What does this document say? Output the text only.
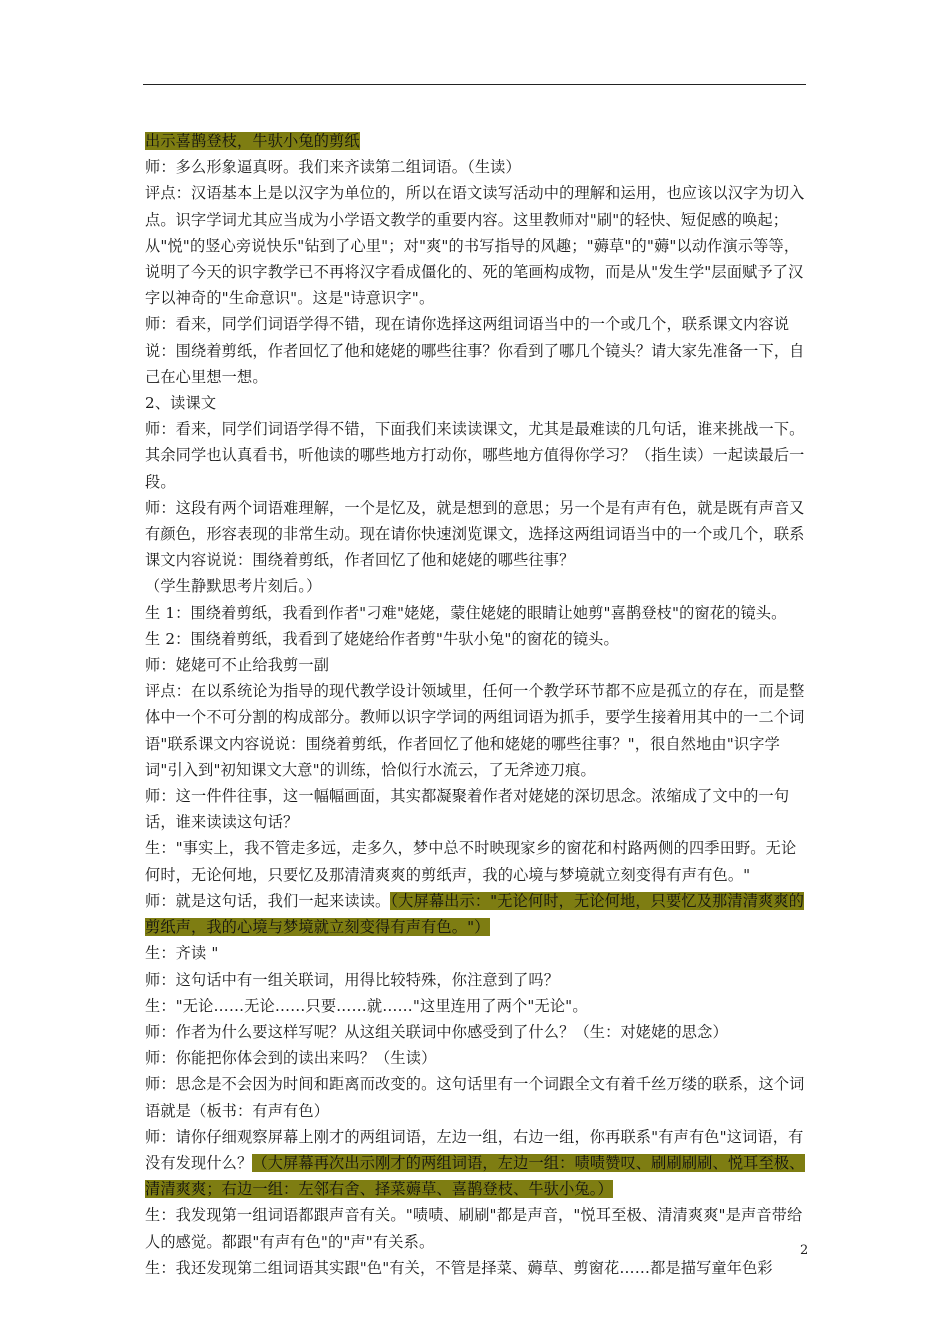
出示喜鹊登枝，牛驮小兔的剪纸

师：多么形象逼真呀。我们来齐读第二组词语。（生读）

评点：汉语基本上是以汉字为单位的，所以在语文读写活动中的理解和运用，也应该以汉字为切入点。识字学词尤其应当成为小学语文教学的重要内容。这里教师对"刷"的轻快、短促感的唤起；从"悦"的竖心旁说快乐"钻到了心里"；对"爽"的书写指导的风趣；"薅草"的"薅"以动作演示等等，说明了今天的识字教学已不再将汉字看成僵化的、死的笔画构成物，而是从"发生学"层面赋予了汉字以神奇的"生命意识"。这是"诗意识字"。

师：看来，同学们词语学得不错，现在请你选择这两组词语当中的一个或几个，联系课文内容说说：围绕着剪纸，作者回忆了他和姥姥的哪些往事？你看到了哪几个镜头？请大家先准备一下，自己在心里想一想。

2、读课文

师：看来，同学们词语学得不错，下面我们来读读课文，尤其是最难读的几句话，谁来挑战一下。其余同学也认真看书，听他读的哪些地方打动你，哪些地方值得你学习？（指生读）一起读最后一段。

师：这段有两个词语难理解，一个是忆及，就是想到的意思；另一个是有声有色，就是既有声音又有颜色，形容表现的非常生动。现在请你快速浏览课文，选择这两组词语当中的一个或几个，联系课文内容说说：围绕着剪纸，作者回忆了他和姥姥的哪些往事？

（学生静默思考片刻后。）

生 1：围绕着剪纸，我看到作者"刁难"姥姥，蒙住姥姥的眼睛让她剪"喜鹊登枝"的窗花的镜头。

生 2：围绕着剪纸，我看到了姥姥给作者剪"牛驮小兔"的窗花的镜头。

师：姥姥可不止给我剪一副

评点：在以系统论为指导的现代教学设计领域里，任何一个教学环节都不应是孤立的存在，而是整体中一个不可分割的构成部分。教师以识字学词的两组词语为抓手，要学生接着用其中的一二个词语"联系课文内容说说：围绕着剪纸，作者回忆了他和姥姥的哪些往事？"，很自然地由"识字学词"引入到"初知课文大意"的训练，恰似行水流云，了无斧迹刀痕。

师：这一件件往事，这一幅幅画面，其实都凝聚着作者对姥姥的深切思念。浓缩成了文中的一句话，谁来读读这句话？

生："事实上，我不管走多远，走多久，梦中总不时映现家乡的窗花和村路两侧的四季田野。无论何时，无论何地，只要忆及那清清爽爽的剪纸声，我的心境与梦境就立刻变得有声有色。"

师：就是这句话，我们一起来读读。（大屏幕出示："无论何时，无论何地，只要忆及那清清爽爽的剪纸声，我的心境与梦境就立刻变得有声有色。"）

生：齐读 "

师：这句话中有一组关联词，用得比较特殊，你注意到了吗？

生："无论……无论……只要……就……"这里连用了两个"无论"。

师：作者为什么要这样写呢？从这组关联词中你感受到了什么？（生：对姥姥的思念）

师：你能把你体会到的读出来吗？（生读）

师：思念是不会因为时间和距离而改变的。这句话里有一个词跟全文有着千丝万缕的联系，这个词语就是（板书：有声有色）

师：请你仔细观察屏幕上刚才的两组词语，左边一组，右边一组，你再联系"有声有色"这词语，有没有发现什么？（大屏幕再次出示刚才的两组词语，左边一组：啧啧赞叹、刷刷刷刷、悦耳至极、清清爽爽；右边一组：左邻右舍、择菜薅草、喜鹊登枝、牛驮小兔。）

生：我发现第一组词语都跟声音有关。"啧啧、刷刷"都是声音，"悦耳至极、清清爽爽"是声音带给人的感觉。都跟"有声有色"的"声"有关系。

生：我还发现第二组词语其实跟"色"有关，不管是择菜、薅草、剪窗花……都是描写童年色彩

2
